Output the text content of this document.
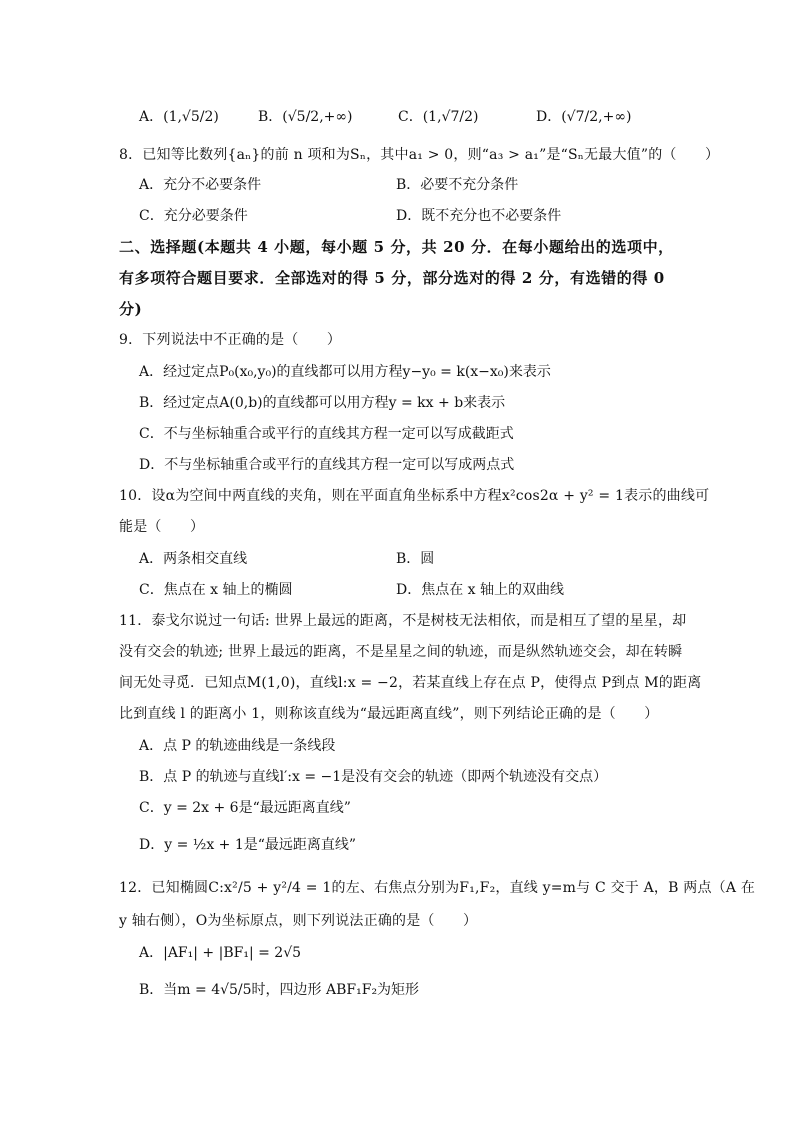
A．(1,√5/2)	B．(√5/2,+∞)	C．(1,√7/2)	D．(√7/2,+∞)
8．已知等比数列{aₙ}的前 n 项和为Sₙ，其中a₁ > 0，则“a₃ > a₁”是“Sₙ无最大值”的（　　）
A．充分不必要条件	B．必要不充分条件
C．充分必要条件	D．既不充分也不必要条件
二、选择题(本题共 4 小题，每小题 5 分，共 20 分．在每小题给出的选项中，
有多项符合题目要求．全部选对的得 5 分，部分选对的得 2 分，有选错的得 0
分)
9．下列说法中不正确的是（　　）
A．经过定点P₀(x₀,y₀)的直线都可以用方程y−y₀ = k(x−x₀)来表示
B．经过定点A(0,b)的直线都可以用方程y = kx + b来表示
C．不与坐标轴重合或平行的直线其方程一定可以写成截距式
D．不与坐标轴重合或平行的直线其方程一定可以写成两点式
10．设α为空间中两直线的夹角，则在平面直角坐标系中方程x²cos2α + y² = 1表示的曲线可
能是（　　）
A．两条相交直线	B．圆
C．焦点在 x 轴上的椭圆	D．焦点在 x 轴上的双曲线
11．泰戈尔说过一句话: 世界上最远的距离，不是树枝无法相依，而是相互了望的星星，却
没有交会的轨迹; 世界上最远的距离，不是星星之间的轨迹，而是纵然轨迹交会，却在转瞬
间无处寻觅．已知点M(1,0)，直线l:x = −2，若某直线上存在点 P，使得点 P到点 M的距离
比到直线 l 的距离小 1，则称该直线为“最远距离直线”，则下列结论正确的是（　　）
A．点 P 的轨迹曲线是一条线段
B．点 P 的轨迹与直线l′:x = −1是没有交会的轨迹（即两个轨迹没有交点）
C．y = 2x + 6是“最远距离直线”
D．y = ½x + 1是“最远距离直线”
12．已知椭圆C:x²/5 + y²/4 = 1的左、右焦点分别为F₁,F₂，直线 y=m与 C 交于 A，B 两点（A 在
y 轴右侧），O为坐标原点，则下列说法正确的是（　　）
A．|AF₁| + |BF₁| = 2√5
B．当m = 4√5/5时，四边形 ABF₁F₂为矩形
